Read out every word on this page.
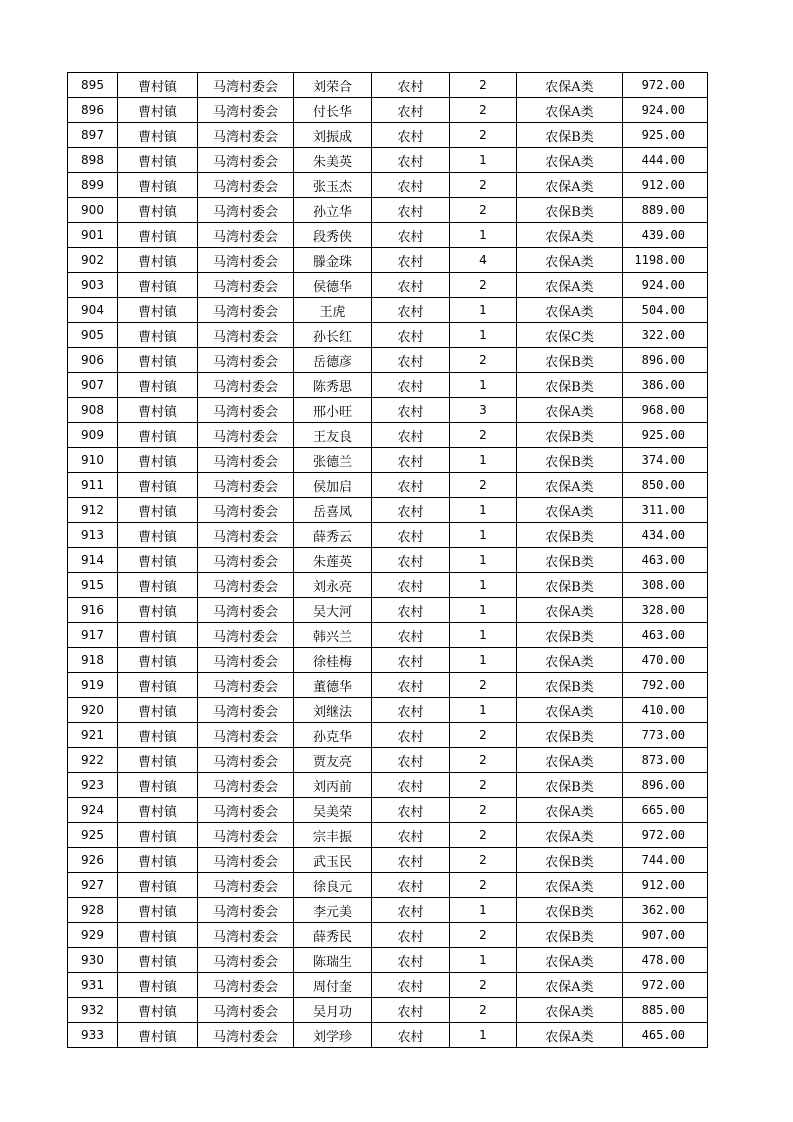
895	曹村镇	马湾村委会	刘荣合	农村	2	农保A类	972.00
896	曹村镇	马湾村委会	付长华	农村	2	农保A类	924.00
897	曹村镇	马湾村委会	刘振成	农村	2	农保B类	925.00
898	曹村镇	马湾村委会	朱美英	农村	1	农保A类	444.00
899	曹村镇	马湾村委会	张玉杰	农村	2	农保A类	912.00
900	曹村镇	马湾村委会	孙立华	农村	2	农保B类	889.00
901	曹村镇	马湾村委会	段秀侠	农村	1	农保A类	439.00
902	曹村镇	马湾村委会	滕金珠	农村	4	农保A类	1198.00
903	曹村镇	马湾村委会	侯德华	农村	2	农保A类	924.00
904	曹村镇	马湾村委会	王虎	农村	1	农保A类	504.00
905	曹村镇	马湾村委会	孙长红	农村	1	农保C类	322.00
906	曹村镇	马湾村委会	岳德彦	农村	2	农保B类	896.00
907	曹村镇	马湾村委会	陈秀思	农村	1	农保B类	386.00
908	曹村镇	马湾村委会	邢小旺	农村	3	农保A类	968.00
909	曹村镇	马湾村委会	王友良	农村	2	农保B类	925.00
910	曹村镇	马湾村委会	张德兰	农村	1	农保B类	374.00
911	曹村镇	马湾村委会	侯加启	农村	2	农保A类	850.00
912	曹村镇	马湾村委会	岳喜凤	农村	1	农保A类	311.00
913	曹村镇	马湾村委会	薛秀云	农村	1	农保B类	434.00
914	曹村镇	马湾村委会	朱莲英	农村	1	农保B类	463.00
915	曹村镇	马湾村委会	刘永亮	农村	1	农保B类	308.00
916	曹村镇	马湾村委会	吴大河	农村	1	农保A类	328.00
917	曹村镇	马湾村委会	韩兴兰	农村	1	农保B类	463.00
918	曹村镇	马湾村委会	徐桂梅	农村	1	农保A类	470.00
919	曹村镇	马湾村委会	董德华	农村	2	农保B类	792.00
920	曹村镇	马湾村委会	刘继法	农村	1	农保A类	410.00
921	曹村镇	马湾村委会	孙克华	农村	2	农保B类	773.00
922	曹村镇	马湾村委会	贾友亮	农村	2	农保A类	873.00
923	曹村镇	马湾村委会	刘丙前	农村	2	农保B类	896.00
924	曹村镇	马湾村委会	吴美荣	农村	2	农保A类	665.00
925	曹村镇	马湾村委会	宗丰振	农村	2	农保A类	972.00
926	曹村镇	马湾村委会	武玉民	农村	2	农保B类	744.00
927	曹村镇	马湾村委会	徐良元	农村	2	农保A类	912.00
928	曹村镇	马湾村委会	李元美	农村	1	农保B类	362.00
929	曹村镇	马湾村委会	薛秀民	农村	2	农保B类	907.00
930	曹村镇	马湾村委会	陈瑞生	农村	1	农保A类	478.00
931	曹村镇	马湾村委会	周付奎	农村	2	农保A类	972.00
932	曹村镇	马湾村委会	吴月功	农村	2	农保A类	885.00
933	曹村镇	马湾村委会	刘学珍	农村	1	农保A类	465.00
